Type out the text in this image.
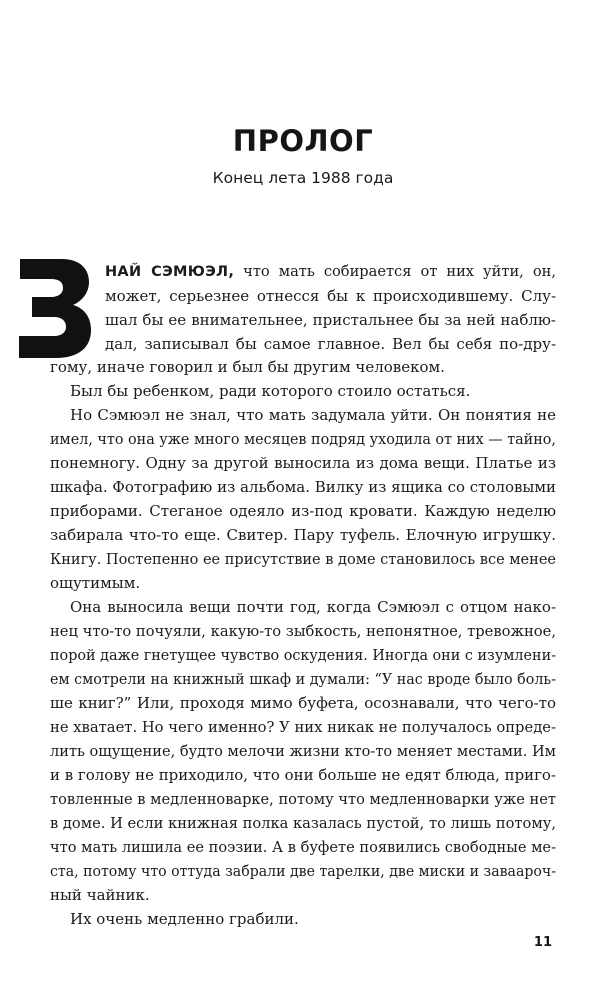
ПРОЛОГ

Конец лета 1988 года

НАЙ СЭМЮЭЛ, что мать собирается от них уйти, он,
может, серьезнее отнесся бы к происходившему. Слу-
шал бы ее внимательнее, пристальнее бы за ней наблю-
дал, записывал бы самое главное. Вел бы себя по-дру-
гому, иначе говорил и был бы другим человеком.
Был бы ребенком, ради которого стоило остаться.
Но Сэмюэл не знал, что мать задумала уйти. Он понятия не
имел, что она уже много месяцев подряд уходила от них — тайно,
понемногу. Одну за другой выносила из дома вещи. Платье из
шкафа. Фотографию из альбома. Вилку из ящика со столовыми
приборами. Стеганое одеяло из-под кровати. Каждую неделю
забирала что-то еще. Свитер. Пару туфель. Елочную игрушку.
Книгу. Постепенно ее присутствие в доме становилось все менее
ощутимым.
Она выносила вещи почти год, когда Сэмюэл с отцом нако-
нец что-то почуяли, какую-то зыбкость, непонятное, тревожное,
порой даже гнетущее чувство оскудения. Иногда они с изумлени-
ем смотрели на книжный шкаф и думали: “У нас вроде было боль-
ше книг?” Или, проходя мимо буфета, осознавали, что чего-то
не хватает. Но чего именно? У них никак не получалось опреде-
лить ощущение, будто мелочи жизни кто-то меняет местами. Им
и в голову не приходило, что они больше не едят блюда, приго-
товленные в медленноварке, потому что медленноварки уже нет
в доме. И если книжная полка казалась пустой, то лишь потому,
что мать лишила ее поэзии. А в буфете появились свободные ме-
ста, потому что оттуда забрали две тарелки, две миски и заваароч-
ный чайник.
Их очень медленно грабили.
11
